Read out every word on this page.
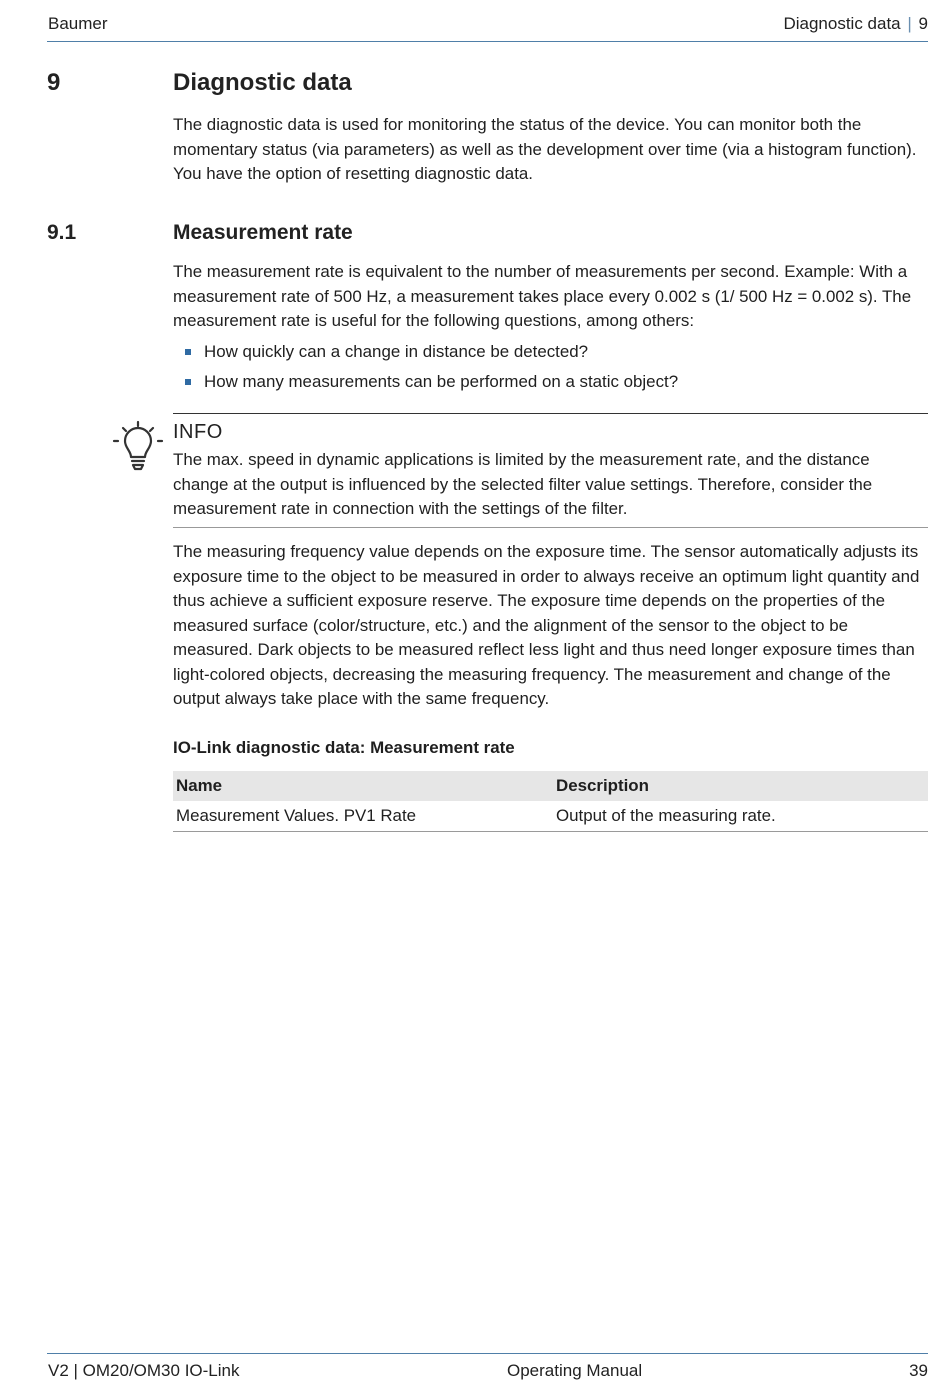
Baumer	Diagnostic data | 9
9	Diagnostic data
The diagnostic data is used for monitoring the status of the device. You can monitor both the momentary status (via parameters) as well as the development over time (via a histogram function). You have the option of resetting diagnostic data.
9.1	Measurement rate
The measurement rate is equivalent to the number of measurements per second. Example: With a measurement rate of 500 Hz, a measurement takes place every 0.002 s (1/ 500 Hz = 0.002 s). The measurement rate is useful for the following questions, among others:
How quickly can a change in distance be detected?
How many measurements can be performed on a static object?
INFO
The max. speed in dynamic applications is limited by the measurement rate, and the distance change at the output is influenced by the selected filter value settings. Therefore, consider the measurement rate in connection with the settings of the filter.
The measuring frequency value depends on the exposure time. The sensor automatically adjusts its exposure time to the object to be measured in order to always receive an optimum light quantity and thus achieve a sufficient exposure reserve. The exposure time depends on the properties of the measured surface (color/structure, etc.) and the alignment of the sensor to the object to be measured. Dark objects to be measured reflect less light and thus need longer exposure times than light-colored objects, decreasing the measuring frequency. The measurement and change of the output always take place with the same frequency.
IO-Link diagnostic data: Measurement rate
Name	Description
Measurement Values. PV1 Rate	Output of the measuring rate.
V2 | OM20/OM30 IO-Link	Operating Manual	39
